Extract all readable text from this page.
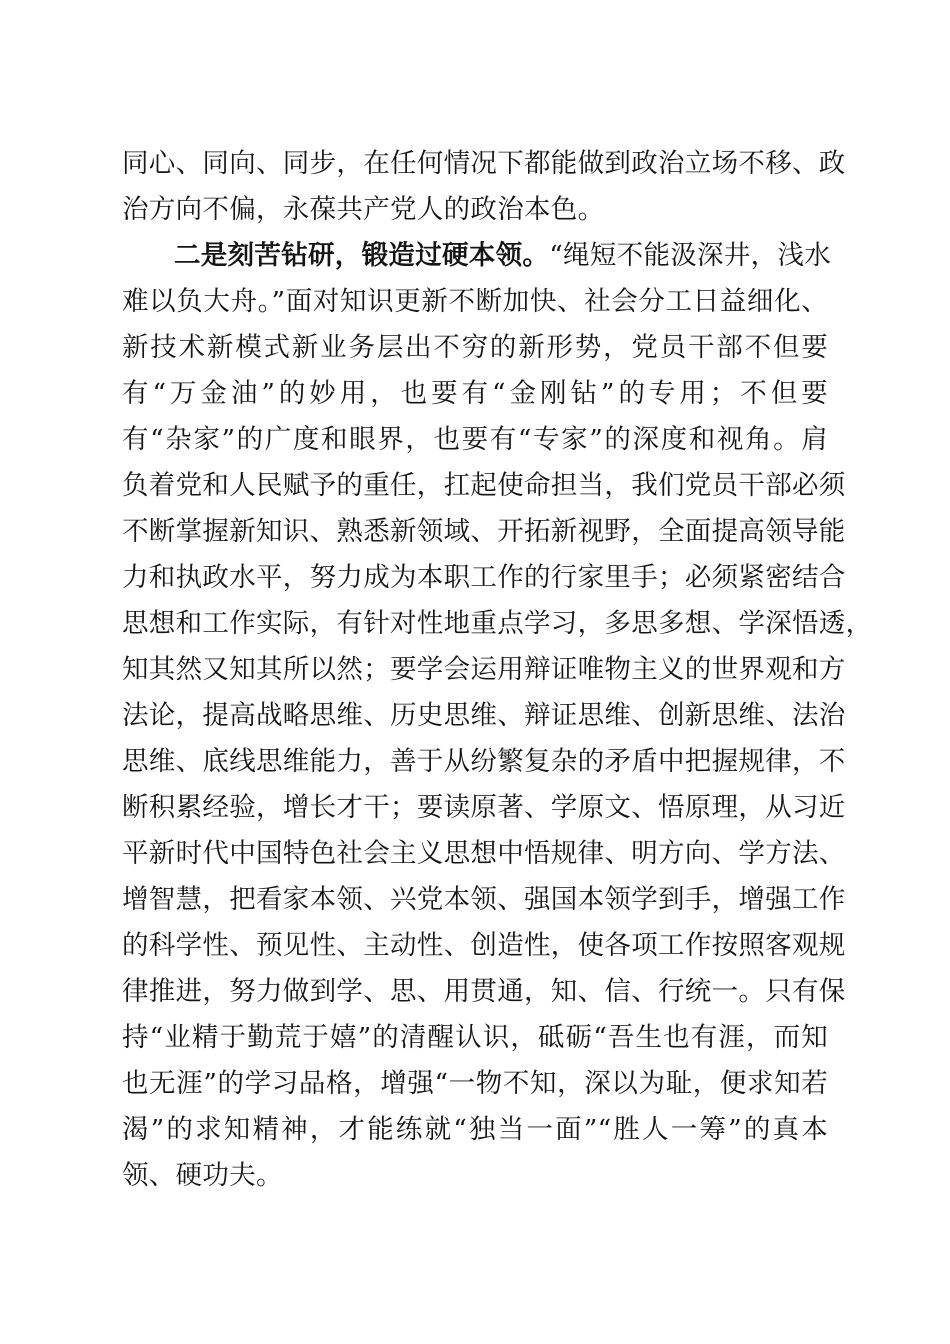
同心、同向、同步，在任何情况下都能做到政治立场不移、政
治方向不偏，永葆共产党人的政治本色。
二是刻苦钻研，锻造过硬本领。“绳短不能汲深井，浅水
难以负大舟。”面对知识更新不断加快、社会分工日益细化、
新技术新模式新业务层出不穷的新形势，党员干部不但要
有“万金油”的妙用，也要有“金刚钻”的专用；不但要
有“杂家”的广度和眼界，也要有“专家”的深度和视角。肩
负着党和人民赋予的重任，扛起使命担当，我们党员干部必须
不断掌握新知识、熟悉新领域、开拓新视野，全面提高领导能
力和执政水平，努力成为本职工作的行家里手；必须紧密结合
思想和工作实际，有针对性地重点学习，多思多想、学深悟透，
知其然又知其所以然；要学会运用辩证唯物主义的世界观和方
法论，提高战略思维、历史思维、辩证思维、创新思维、法治
思维、底线思维能力，善于从纷繁复杂的矛盾中把握规律，不
断积累经验，增长才干；要读原著、学原文、悟原理，从习近
平新时代中国特色社会主义思想中悟规律、明方向、学方法、
增智慧，把看家本领、兴党本领、强国本领学到手，增强工作
的科学性、预见性、主动性、创造性，使各项工作按照客观规
律推进，努力做到学、思、用贯通，知、信、行统一。只有保
持“业精于勤荒于嬉”的清醒认识，砥砺“吾生也有涯，而知
也无涯”的学习品格，增强“一物不知，深以为耻，便求知若
渴”的求知精神，才能练就“独当一面”“胜人一筹”的真本
领、硬功夫。
